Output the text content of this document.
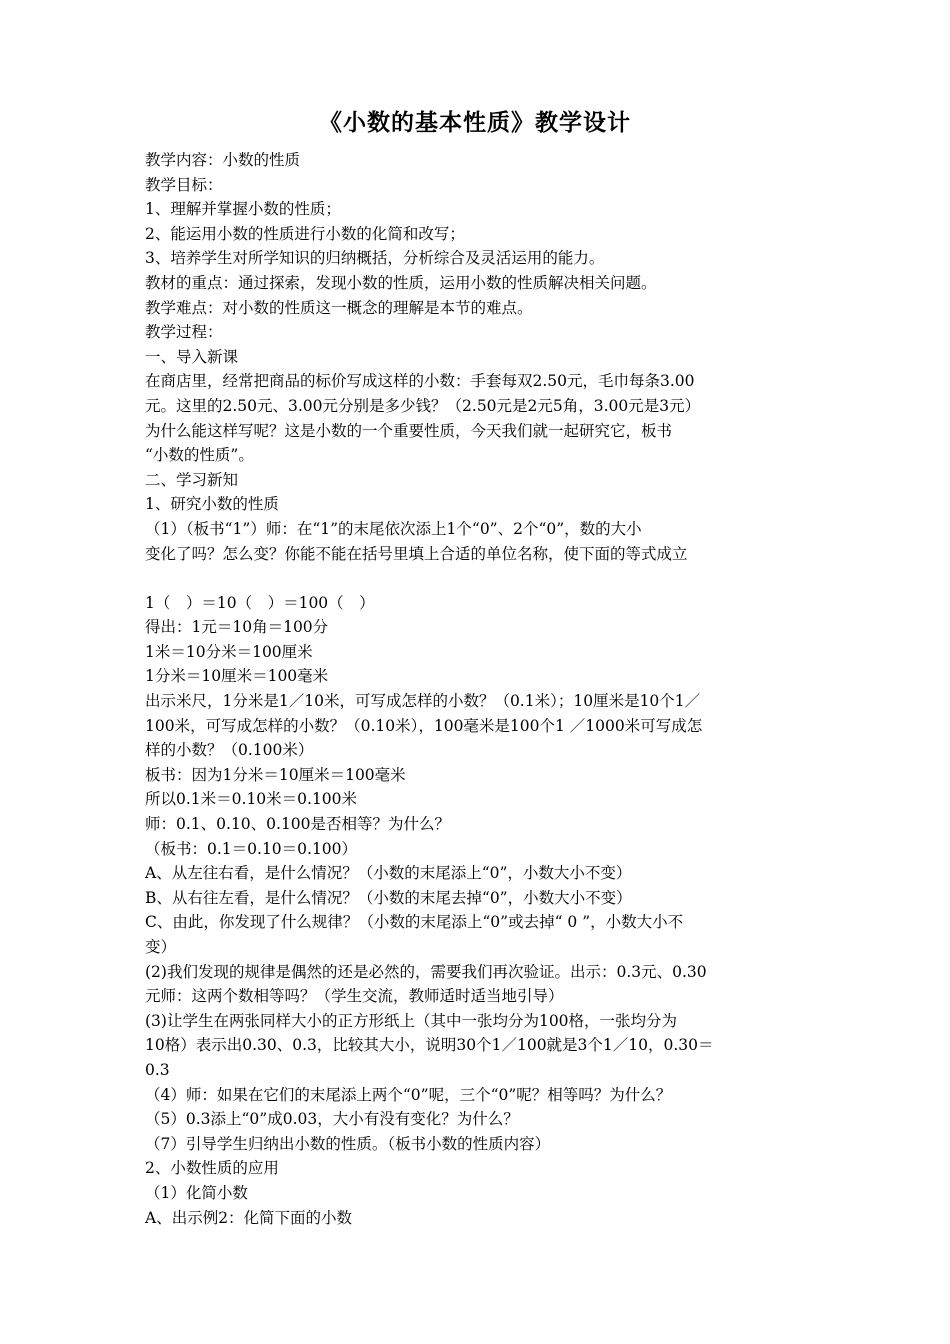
《小数的基本性质》教学设计

教学内容：小数的性质

教学目标：

1、理解并掌握小数的性质；

2、能运用小数的性质进行小数的化简和改写；

3、培养学生对所学知识的归纳概括，分析综合及灵活运用的能力。

教材的重点：通过探索，发现小数的性质，运用小数的性质解决相关问题。

教学难点：对小数的性质这一概念的理解是本节的难点。

教学过程：

一、导入新课

在商店里，经常把商品的标价写成这样的小数：手套每双2.50元，毛巾每条3.00

元。这里的2.50元、3.00元分别是多少钱？（2.50元是2元5角，3.00元是3元）

为什么能这样写呢？这是小数的一个重要性质，今天我们就一起研究它，板书

“小数的性质”。

二、学习新知

1、研究小数的性质

（1）（板书“1”）师：在“1”的末尾依次添上1个“0”、2个“0”，数的大小

变化了吗？怎么变？你能不能在括号里填上合适的单位名称，使下面的等式成立

1（　）＝10（　）＝100（　）

得出：1元＝10角＝100分

1米＝10分米＝100厘米

1分米＝10厘米＝100毫米

出示米尺，1分米是1／10米，可写成怎样的小数？（0.1米）；10厘米是10个1／

100米，可写成怎样的小数？（0.10米），100毫米是100个1 ／1000米可写成怎

样的小数？（0.100米）

板书：因为1分米＝10厘米＝100毫米

所以0.1米＝0.10米＝0.100米

师：0.1、0.10、0.100是否相等？为什么？

（板书：0.1＝0.10＝0.100）

A、从左往右看，是什么情况？（小数的末尾添上“0”，小数大小不变）

B、从右往左看，是什么情况？（小数的末尾去掉“0”，小数大小不变）

C、由此，你发现了什么规律？（小数的末尾添上“0”或去掉“ 0 ”，小数大小不

变）

(2)我们发现的规律是偶然的还是必然的，需要我们再次验证。出示：0.3元、0.30

元师：这两个数相等吗？（学生交流，教师适时适当地引导）

(3)让学生在两张同样大小的正方形纸上（其中一张均分为100格，一张均分为

10格）表示出0.30、0.3，比较其大小，说明30个1／100就是3个1／10，0.30＝

0.3

（4）师：如果在它们的末尾添上两个“0”呢，三个“0”呢？相等吗？为什么？

（5）0.3添上“0”成0.03，大小有没有变化？为什么？

（7）引导学生归纳出小数的性质。（板书小数的性质内容）

2、小数性质的应用

（1）化简小数

A、出示例2：化简下面的小数
